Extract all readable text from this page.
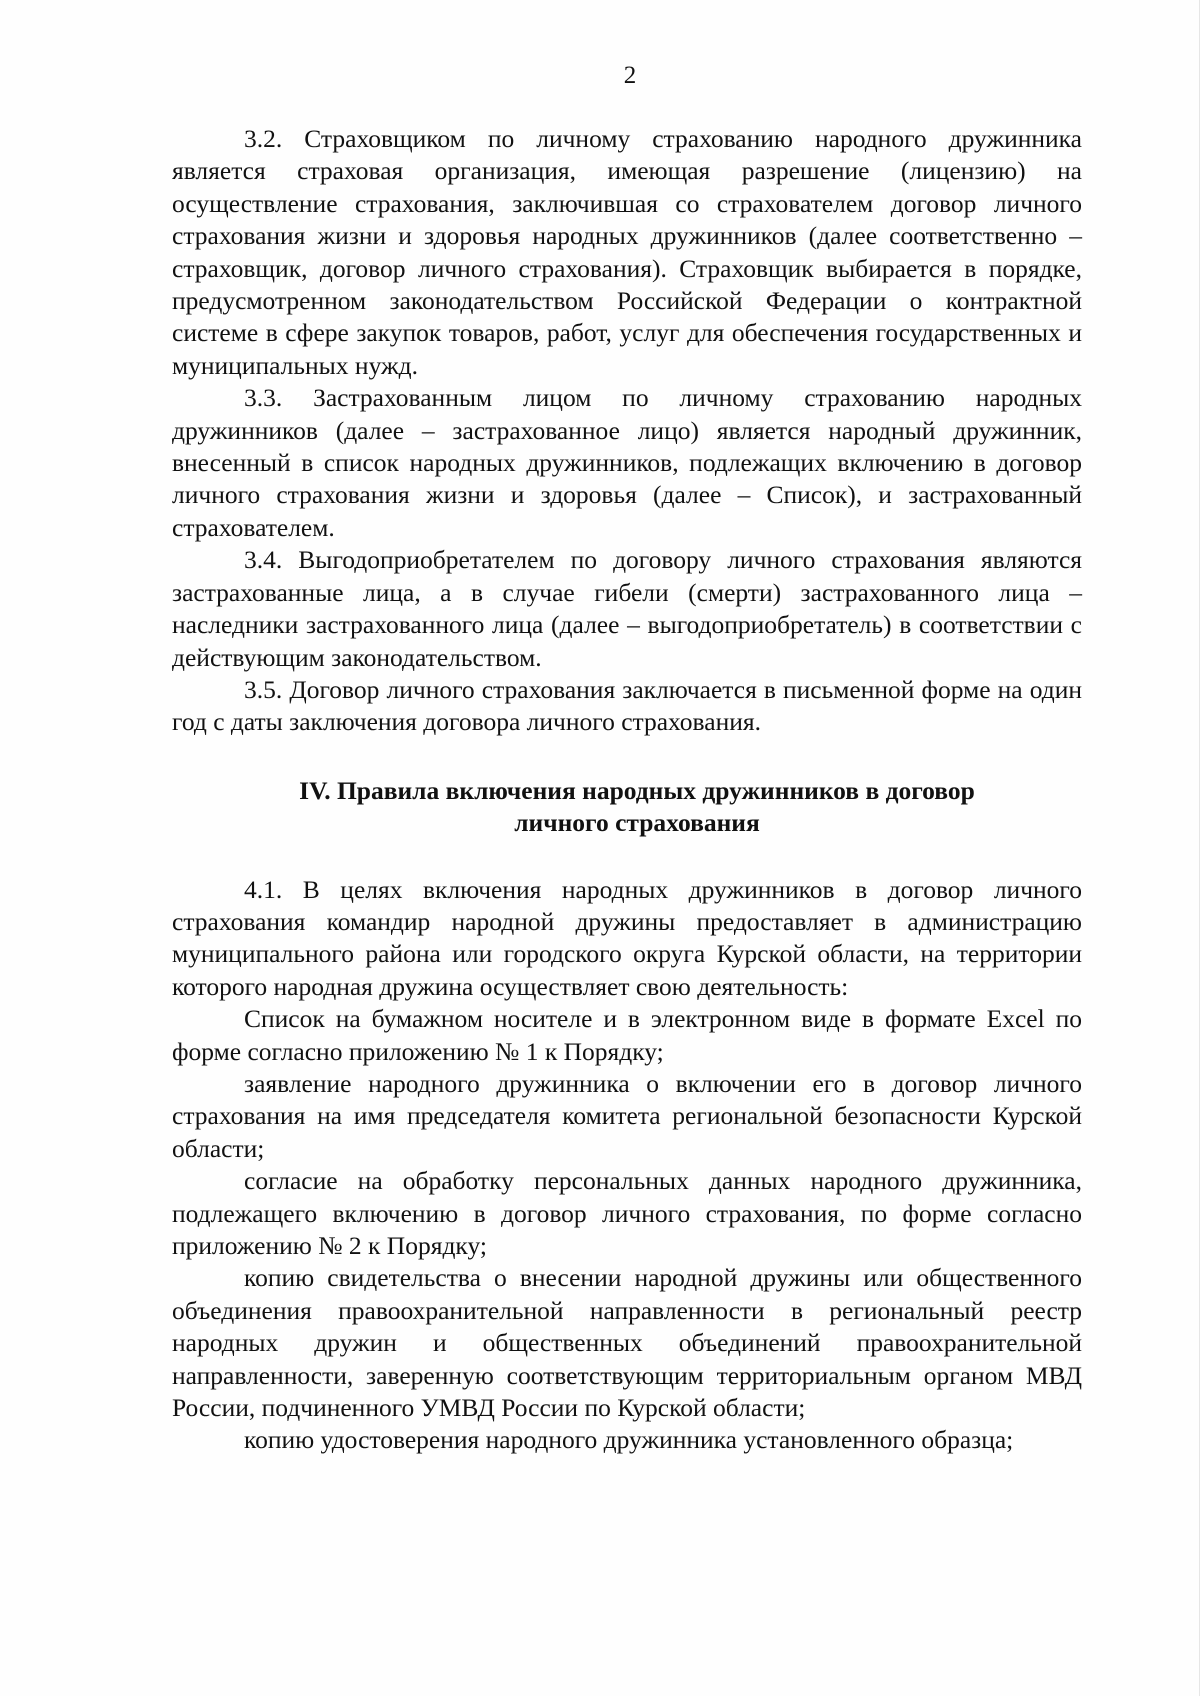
2

3.2. Страховщиком по личному страхованию народного дружинника является страховая организация, имеющая разрешение (лицензию) на осуществление страхования, заключившая со страхователем договор личного страхования жизни и здоровья народных дружинников (далее соответственно – страховщик, договор личного страхования). Страховщик выбирается в порядке, предусмотренном законодательством Российской Федерации о контрактной системе в сфере закупок товаров, работ, услуг для обеспечения государственных и муниципальных нужд.

3.3. Застрахованным лицом по личному страхованию народных дружинников (далее – застрахованное лицо) является народный дружинник, внесенный в список народных дружинников, подлежащих включению в договор личного страхования жизни и здоровья (далее – Список), и застрахованный страхователем.

3.4. Выгодоприобретателем по договору личного страхования являются застрахованные лица, а в случае гибели (смерти) застрахованного лица – наследники застрахованного лица (далее – выгодоприобретатель) в соответствии с действующим законодательством.

3.5. Договор личного страхования заключается в письменной форме на один год с даты заключения договора личного страхования.

IV. Правила включения народных дружинников в договор
личного страхования

4.1. В целях включения народных дружинников в договор личного страхования командир народной дружины предоставляет в администрацию муниципального района или городского округа Курской области, на территории которого народная дружина осуществляет свою деятельность:

Список на бумажном носителе и в электронном виде в формате Excel по форме согласно приложению № 1 к Порядку;

заявление народного дружинника о включении его в договор личного страхования на имя председателя комитета региональной безопасности Курской области;

согласие на обработку персональных данных народного дружинника, подлежащего включению в договор личного страхования, по форме согласно приложению № 2 к Порядку;

копию свидетельства о внесении народной дружины или общественного объединения правоохранительной направленности в региональный реестр народных дружин и общественных объединений правоохранительной направленности, заверенную соответствующим территориальным органом МВД России, подчиненного УМВД России по Курской области;

копию удостоверения народного дружинника установленного образца;
